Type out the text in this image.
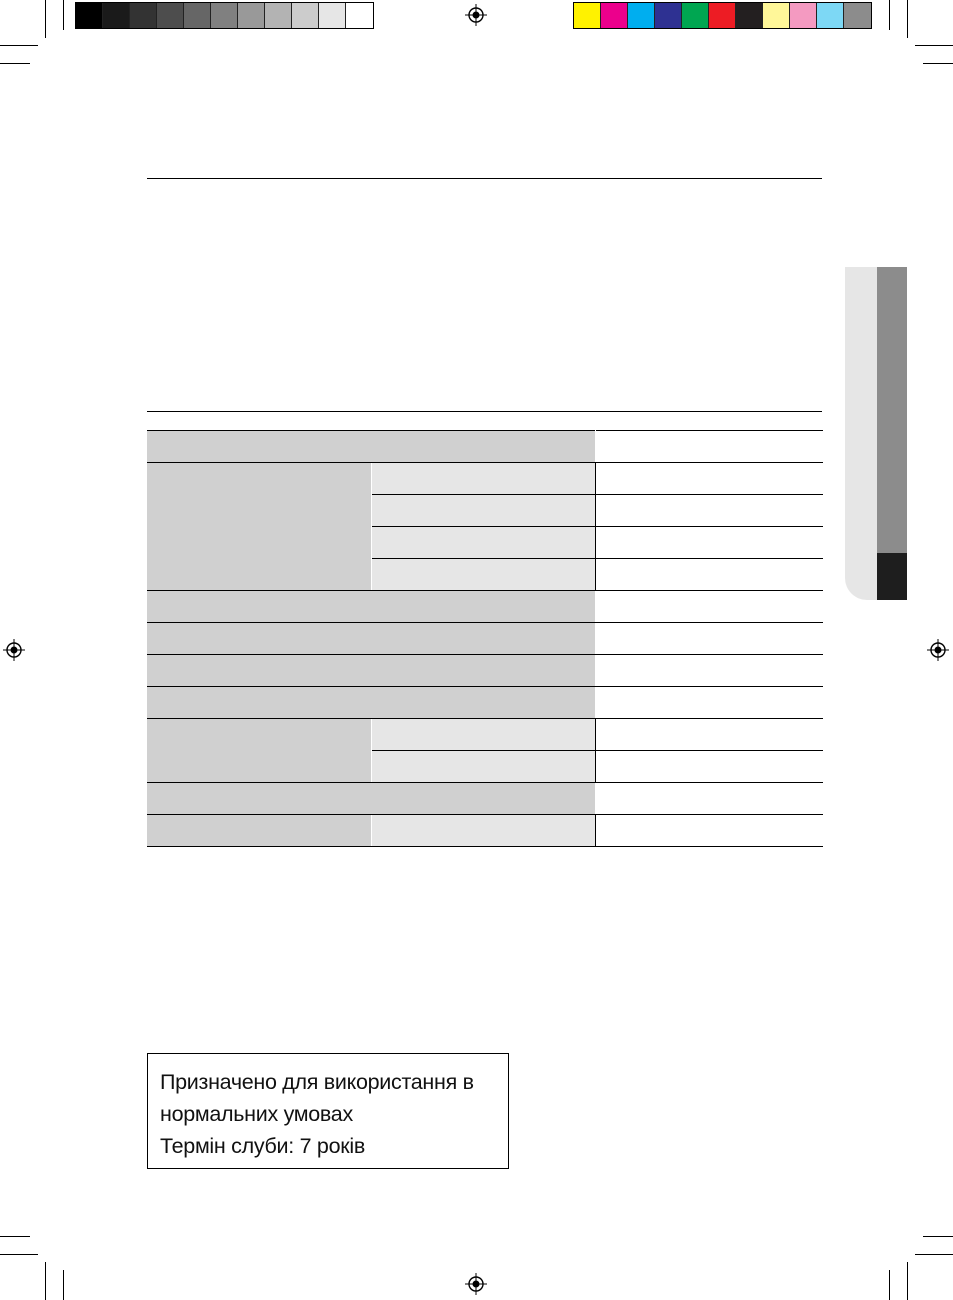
Призначено для використання в
нормальних умовах
Термін слуби: 7 років
